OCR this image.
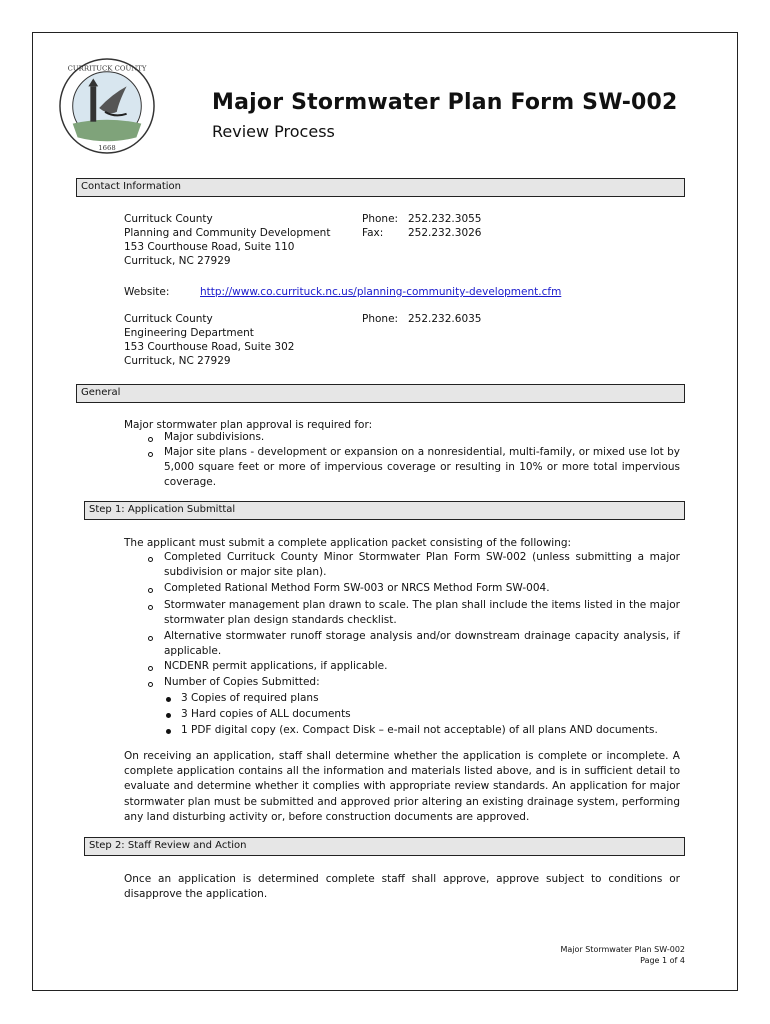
CURRITUCK COUNTY
1668
Major Stormwater Plan Form SW-002
Review Process
Contact Information
Currituck County
Planning and Community Development
153 Courthouse Road, Suite 110
Currituck, NC 27929
Phone: 252.232.3055
Fax: 252.232.3026
Website:	http://www.co.currituck.nc.us/planning-community-development.cfm
Currituck County
Engineering Department
153 Courthouse Road, Suite 302
Currituck, NC 27929
Phone: 252.232.6035
General
Major stormwater plan approval is required for:
Major subdivisions.
Major site plans - development or expansion on a nonresidential, multi-family, or mixed use lot by 5,000 square feet or more of impervious coverage or resulting in 10% or more total impervious coverage.
Step 1: Application Submittal
The applicant must submit a complete application packet consisting of the following:
Completed Currituck County Minor Stormwater Plan Form SW-002 (unless submitting a major subdivision or major site plan).
Completed Rational Method Form SW-003 or NRCS Method Form SW-004.
Stormwater management plan drawn to scale. The plan shall include the items listed in the major stormwater plan design standards checklist.
Alternative stormwater runoff storage analysis and/or downstream drainage capacity analysis, if applicable.
NCDENR permit applications, if applicable.
Number of Copies Submitted:
3 Copies of required plans
3 Hard copies of ALL documents
1 PDF digital copy (ex. Compact Disk – e-mail not acceptable) of all plans AND documents.
On receiving an application, staff shall determine whether the application is complete or incomplete. A complete application contains all the information and materials listed above, and is in sufficient detail to evaluate and determine whether it complies with appropriate review standards. An application for major stormwater plan must be submitted and approved prior altering an existing drainage system, performing any land disturbing activity or, before construction documents are approved.
Step 2: Staff Review and Action
Once an application is determined complete staff shall approve, approve subject to conditions or disapprove the application.
Major Stormwater Plan SW-002
Page 1 of 4
